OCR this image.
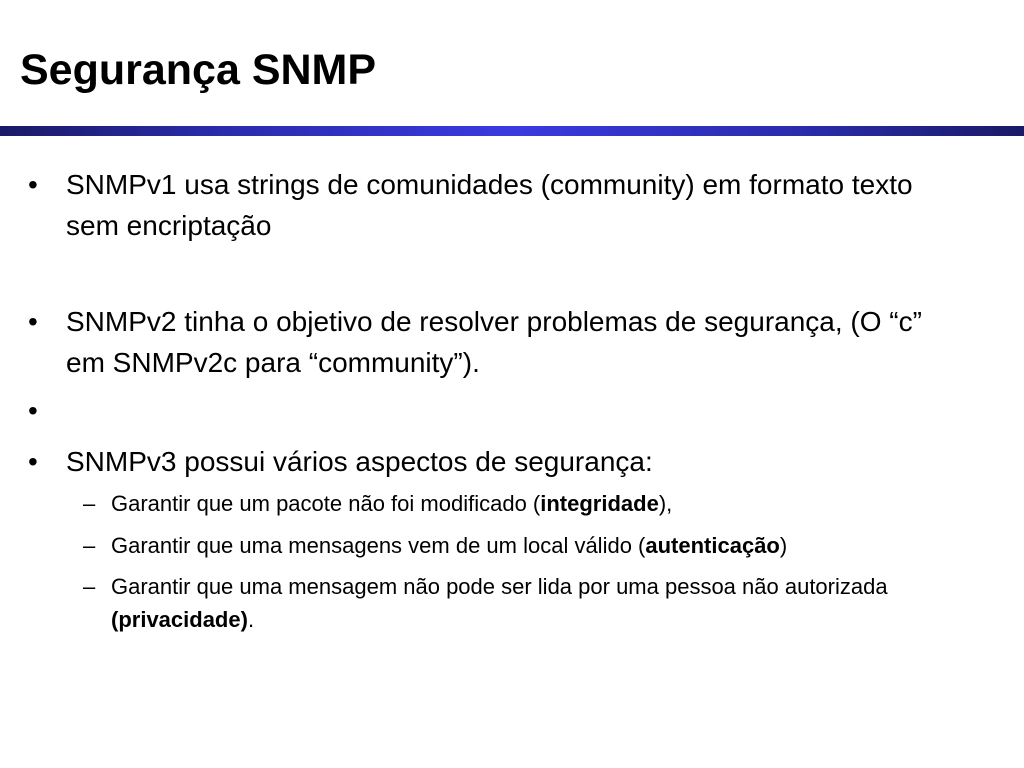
Segurança SNMP
• SNMPv1 usa strings de comunidades (community) em formato texto sem encriptação
• SNMPv2 tinha o objetivo de resolver problemas de segurança, (O “c” em SNMPv2c para “community”).
•
• SNMPv3 possui vários aspectos de segurança:
– Garantir que um pacote não foi modificado (integridade),
– Garantir que uma mensagens vem de um local válido (autenticação)
– Garantir que uma mensagem não pode ser lida por uma pessoa não autorizada (privacidade).
